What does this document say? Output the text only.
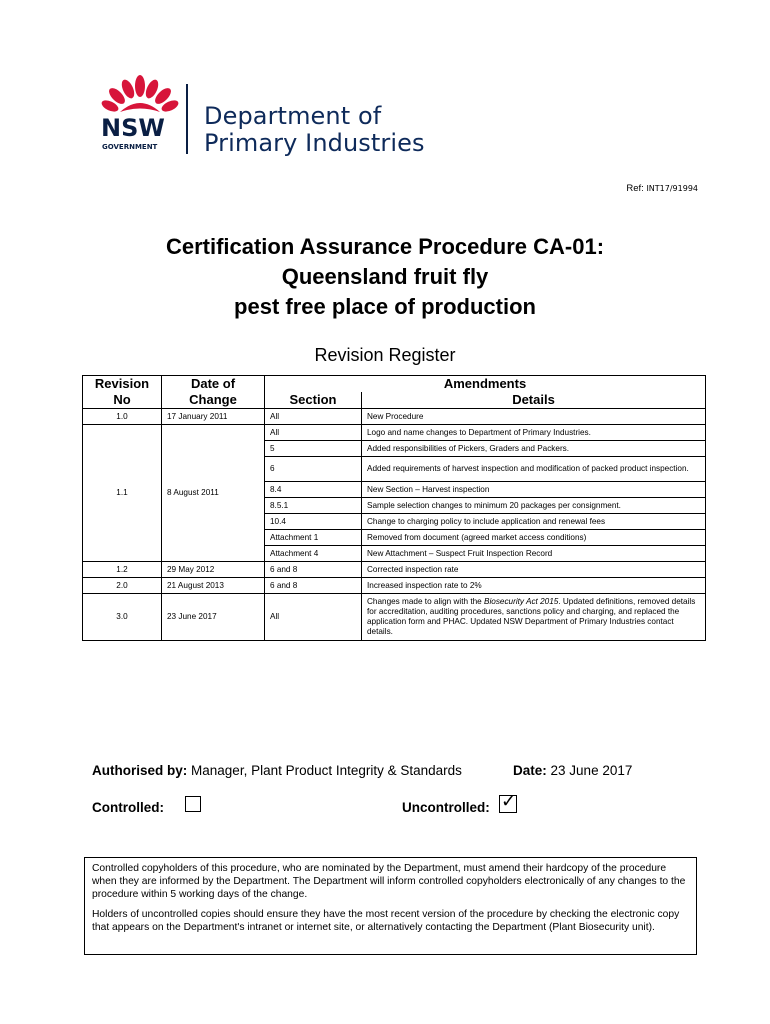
NSW
GOVERNMENT
Department of
Primary Industries
Ref: INT17/91994
Certification Assurance Procedure CA-01:
Queensland fruit fly
pest free place of production
Revision Register
Revision No	Date of Change	Amendments	
		Section	Details
1.0	17 January 2011	All	New Procedure
1.1	8 August 2011	All	Logo and name changes to Department of Primary Industries.
		5	Added responsibilities of Pickers, Graders and Packers.
		6	Added requirements of harvest inspection and modification of packed product inspection.
		8.4	New Section – Harvest inspection
		8.5.1	Sample selection changes to minimum 20 packages per consignment.
		10.4	Change to charging policy to include application and renewal fees
		Attachment 1	Removed from document (agreed market access conditions)
		Attachment 4	New Attachment – Suspect Fruit Inspection Record
1.2	29 May 2012	6 and 8	Corrected inspection rate
2.0	21 August 2013	6 and 8	Increased inspection rate to 2%
3.0	23 June 2017	All	Changes made to align with the Biosecurity Act 2015. Updated definitions, removed details for accreditation, auditing procedures, sanctions policy and charging, and replaced the application form and PHAC. Updated NSW Department of Primary Industries contact details.
Authorised by: Manager, Plant Product Integrity & Standards	Date: 23 June 2017
Controlled:	Uncontrolled: ✓

Controlled copyholders of this procedure, who are nominated by the Department, must amend their hardcopy of the procedure when they are informed by the Department. The Department will inform controlled copyholders electronically of any changes to the procedure within 5 working days of the change.

Holders of uncontrolled copies should ensure they have the most recent version of the procedure by checking the electronic copy that appears on the Department's intranet or internet site, or alternatively contacting the Department (Plant Biosecurity unit).
